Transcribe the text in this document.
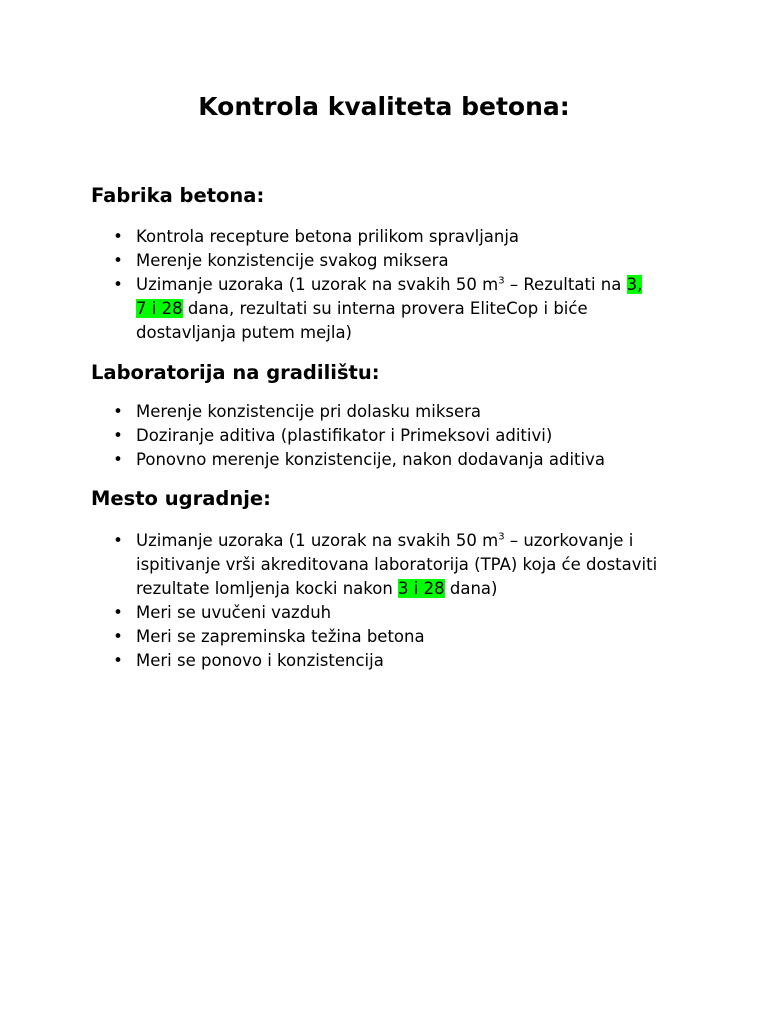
Kontrola kvaliteta betona:
Fabrika betona:
• Kontrola recepture betona prilikom spravljanja
• Merenje konzistencije svakog miksera
• Uzimanje uzoraka (1 uzorak na svakih 50 $m^3$ – Rezultati na 3,
7 i 28 dana, rezultati su interna provera EliteCop i biće dostavljanja putem mejla)
Laboratorija na gradilištu:
• Merenje konzistencije pri dolasku miksera
• Doziranje aditiva (plastifikator i Primeksovi aditivi)
• Ponovno merenje konzistencije, nakon dodavanja aditiva
Mesto ugradnje:
• Uzimanje uzoraka (1 uzorak na svakih 50 $m^3$ – uzorkovanje i ispitivanje vrši akreditovana laboratorija (TPA) koja će dostaviti rezultate lomljenja kocki nakon 3 i 28 dana)
• Meri se uvučeni vazduh
• Meri se zapreminska težina betona
• Meri se ponovo i konzistencija
